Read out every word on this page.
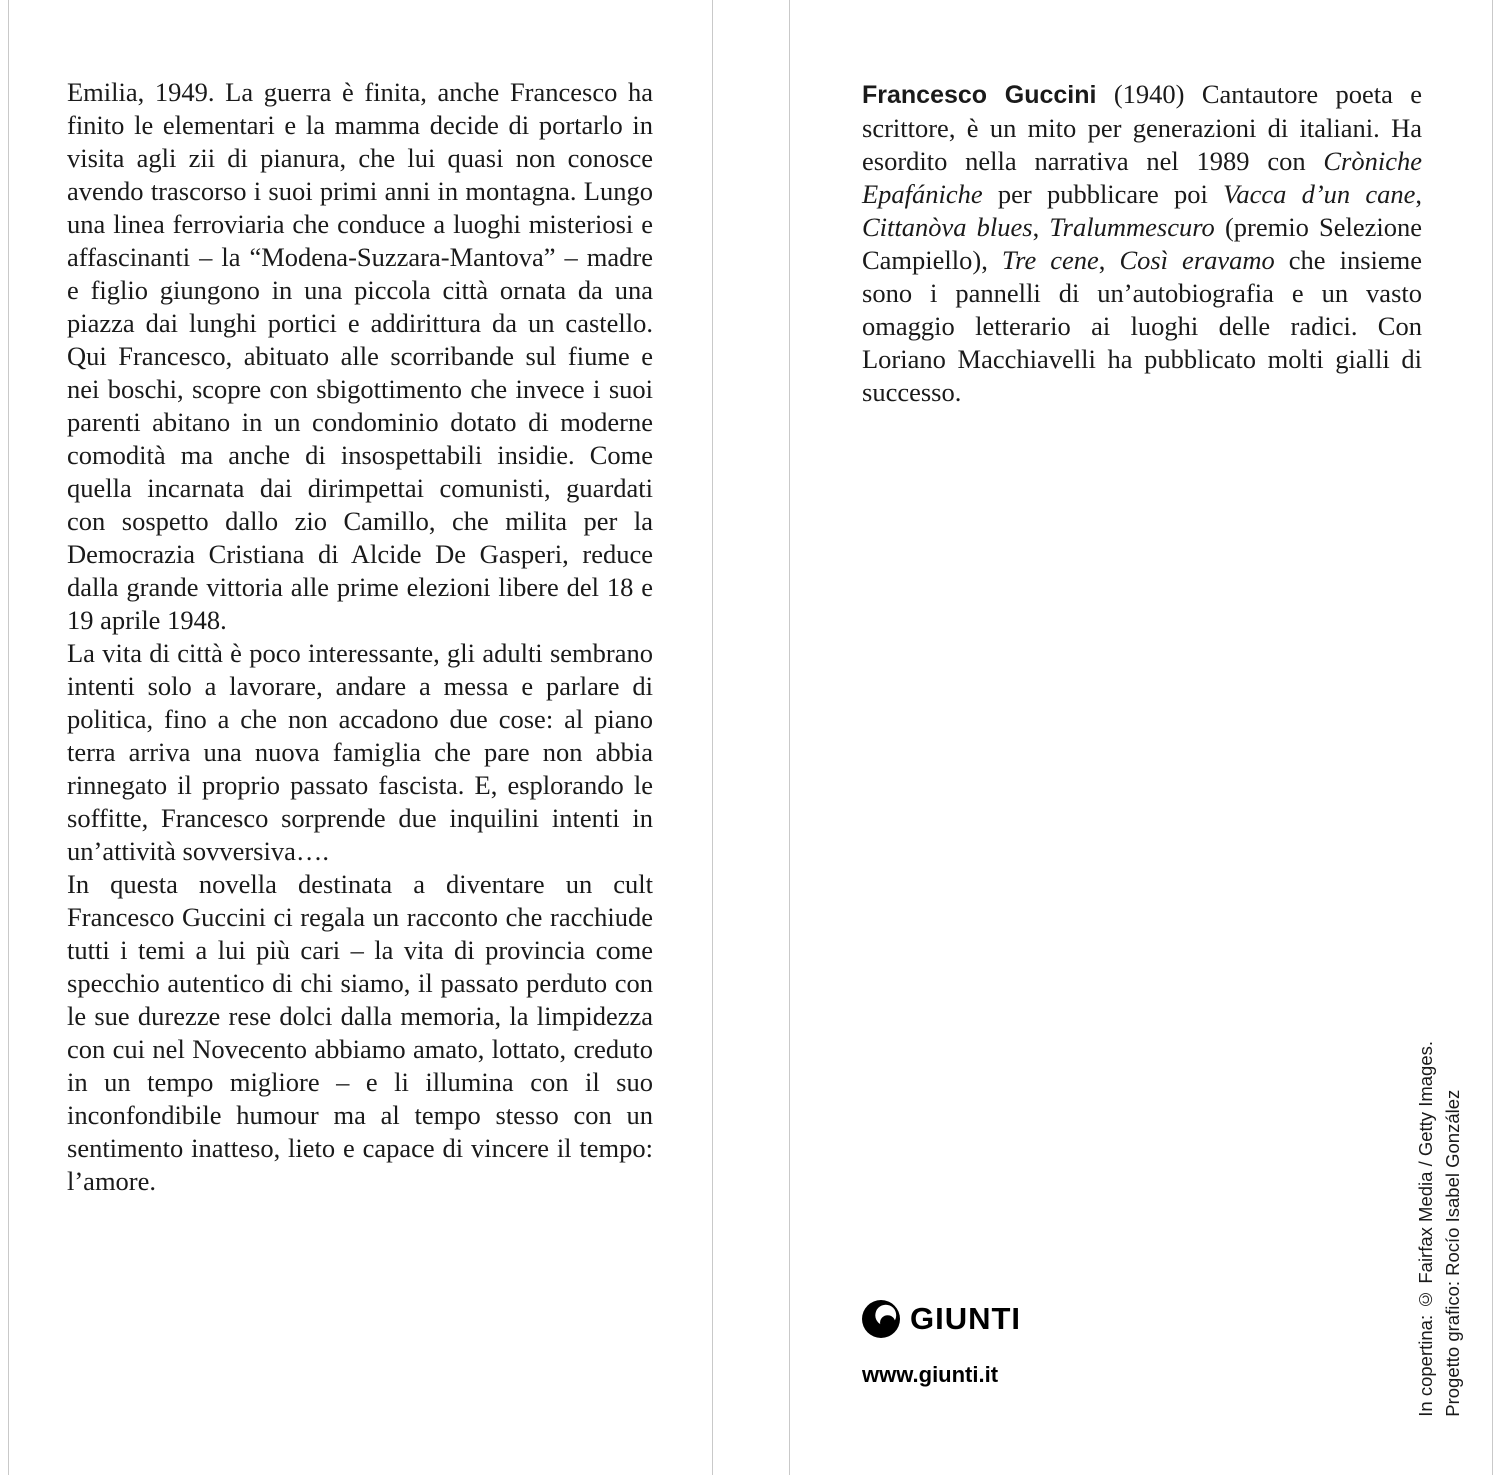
Emilia, 1949. La guerra è finita, anche Francesco ha finito le elementari e la mamma decide di portarlo in visita agli zii di pianura, che lui quasi non conosce avendo trascorso i suoi primi anni in montagna. Lungo una linea ferroviaria che conduce a luoghi misteriosi e affascinanti – la “Modena-Suzzara-Mantova” – madre e figlio giungono in una piccola città ornata da una piazza dai lunghi portici e addirittura da un castello. Qui Francesco, abituato alle scorribande sul fiume e nei boschi, scopre con sbigottimento che invece i suoi parenti abitano in un condominio dotato di moderne comodità ma anche di insospettabili insidie. Come quella incarnata dai dirimpettai comunisti, guardati con sospetto dallo zio Camillo, che milita per la Democrazia Cristiana di Alcide De Gasperi, reduce dalla grande vittoria alle prime elezioni libere del 18 e 19 aprile 1948.

La vita di città è poco interessante, gli adulti sembrano intenti solo a lavorare, andare a messa e parlare di politica, fino a che non accadono due cose: al piano terra arriva una nuova famiglia che pare non abbia rinnegato il proprio passato fascista. E, esplorando le soffitte, Francesco sorprende due inquilini intenti in un’attività sovversiva….

In questa novella destinata a diventare un cult Francesco Guccini ci regala un racconto che racchiude tutti i temi a lui più cari – la vita di provincia come specchio autentico di chi siamo, il passato perduto con le sue durezze rese dolci dalla memoria, la limpidezza con cui nel Novecento abbiamo amato, lottato, creduto in un tempo migliore – e li illumina con il suo inconfondibile humour ma al tempo stesso con un sentimento inatteso, lieto e capace di vincere il tempo: l’amore.

Francesco Guccini (1940) Cantautore poeta e scrittore, è un mito per generazioni di italiani. Ha esordito nella narrativa nel 1989 con Cròniche Epafániche per pubblicare poi Vacca d’un cane, Cittanòva blues, Tralummescuro (premio Selezione Campiello), Tre cene, Così eravamo che insieme sono i pannelli di un’autobiografia e un vasto omaggio letterario ai luoghi delle radici. Con Loriano Macchiavelli ha pubblicato molti gialli di successo.
GIUNTI
www.giunti.it	In copertina: © Fairfax Media / Getty Images. Progetto grafico: Rocío Isabel González
